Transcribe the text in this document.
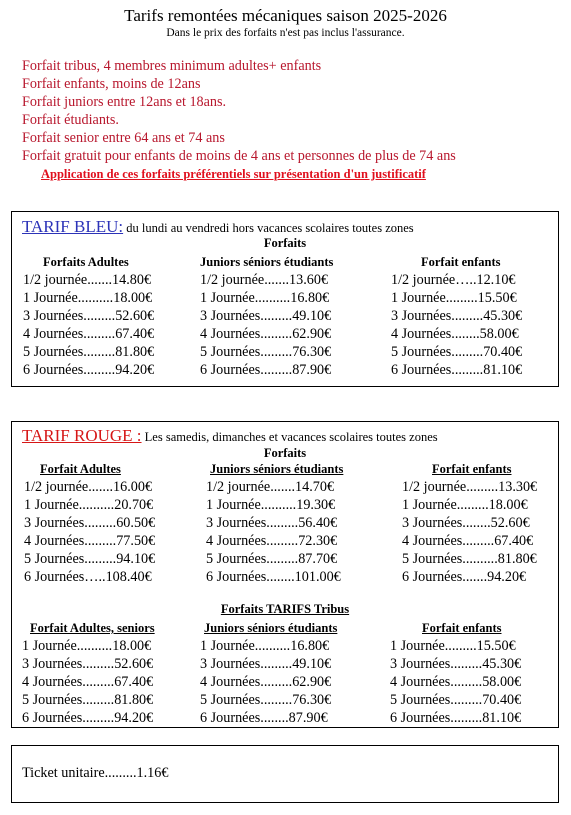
Tarifs remontées mécaniques saison 2025-2026
Dans le prix des forfaits n'est pas inclus l'assurance.
Forfait tribus, 4 membres minimum adultes+ enfants
Forfait enfants, moins de 12ans
Forfait juniors entre 12ans et 18ans.
Forfait étudiants.
Forfait senior entre 64 ans et 74 ans
Forfait gratuit pour enfants de moins de 4 ans et personnes de plus de 74 ans
Application de ces forfaits préférentiels sur présentation d'un justificatif
TARIF BLEU: du lundi au vendredi hors vacances scolaires toutes zones
Forfaits
Forfaits Adultes
1/2 journée.......14.80€
1 Journée..........18.00€
3 Journées.........52.60€
4 Journées.........67.40€
5 Journées.........81.80€
6 Journées.........94.20€
Juniors séniors étudiants
1/2 journée.......13.60€
1 Journée..........16.80€
3 Journées.........49.10€
4 Journées.........62.90€
5 Journées.........76.30€
6 Journées.........87.90€
Forfait enfants
1/2 journée…..12.10€
1 Journée.........15.50€
3 Journées.........45.30€
4 Journées........58.00€
5 Journées.........70.40€
6 Journées.........81.10€
TARIF ROUGE : Les samedis, dimanches et vacances scolaires toutes zones
Forfaits
Forfait Adultes
1/2 journée.......16.00€
1 Journée..........20.70€
3 Journées.........60.50€
4 Journées.........77.50€
5 Journées.........94.10€
6 Journées…..108.40€
Juniors séniors étudiants
1/2 journée.......14.70€
1 Journée..........19.30€
3 Journées.........56.40€
4 Journées.........72.30€
5 Journées.........87.70€
6 Journées........101.00€
Forfait enfants
1/2 journée.........13.30€
1 Journée.........18.00€
3 Journées........52.60€
4 Journées.........67.40€
5 Journées..........81.80€
6 Journées.......94.20€
Forfaits TARIFS Tribus
Forfait Adultes, seniors
1 Journée..........18.00€
3 Journées.........52.60€
4 Journées.........67.40€
5 Journées.........81.80€
6 Journées.........94.20€
Juniors séniors étudiants
1 Journée..........16.80€
3 Journées.........49.10€
4 Journées.........62.90€
5 Journées.........76.30€
6 Journées........87.90€
Forfait enfants
1 Journée.........15.50€
3 Journées.........45.30€
4 Journées.........58.00€
5 Journées.........70.40€
6 Journées.........81.10€
Ticket unitaire.........1.16€
